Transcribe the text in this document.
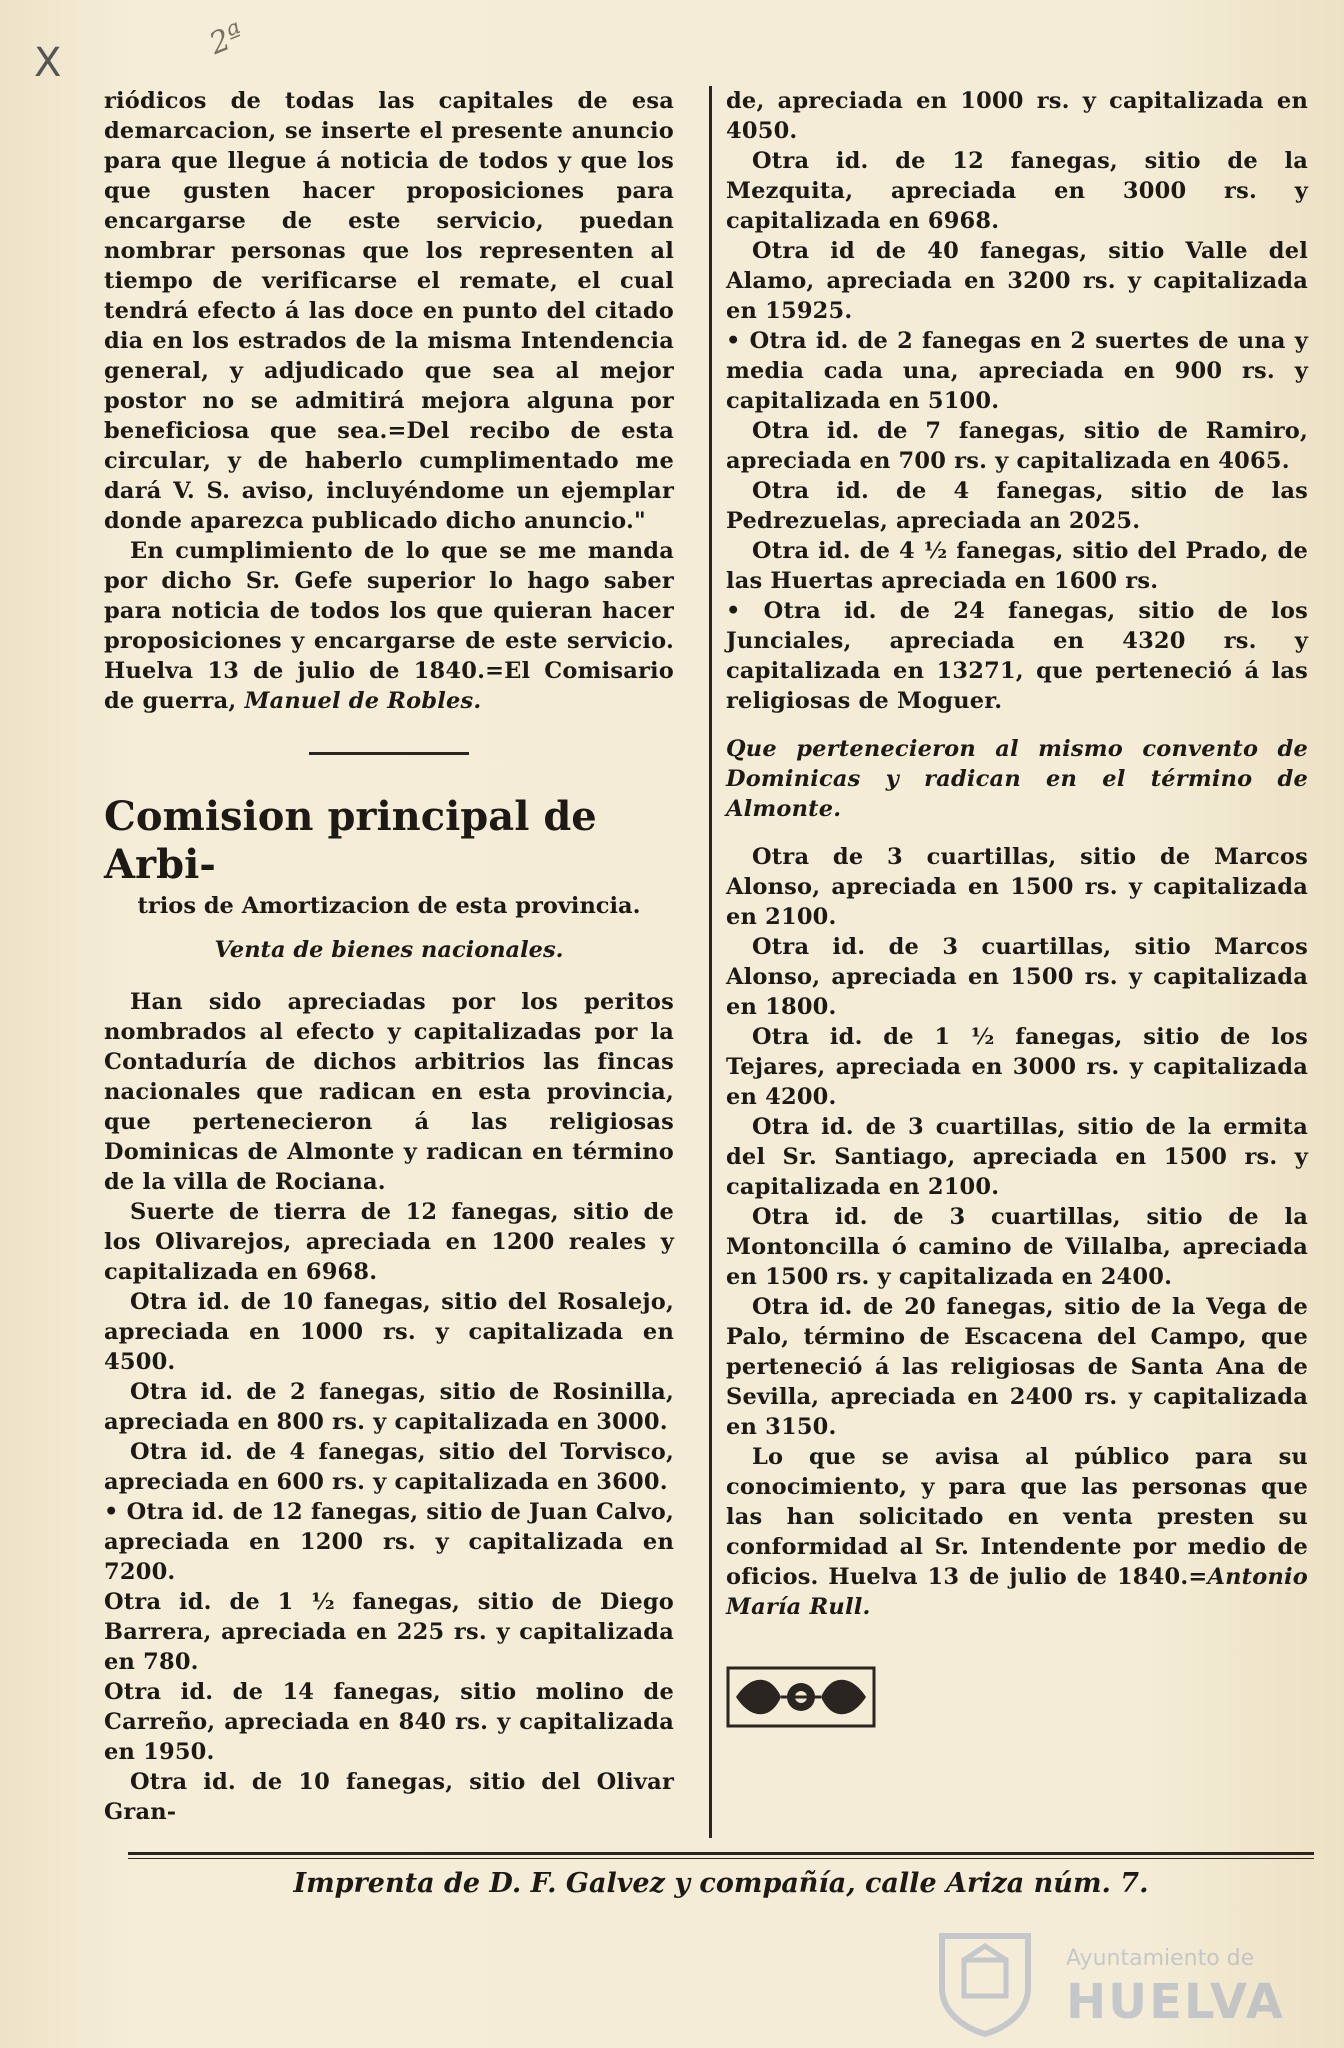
X
2ª

riódicos de todas las capitales de esa demarcacion, se inserte el presente anuncio para que llegue á noticia de todos y que los que gusten hacer proposiciones para encargarse de este servicio, puedan nombrar personas que los representen al tiempo de verificarse el remate, el cual tendrá efecto á las doce en punto del citado dia en los estrados de la misma Intendencia general, y adjudicado que sea al mejor postor no se admitirá mejora alguna por beneficiosa que sea.=Del recibo de esta circular, y de haberlo cumplimentado me dará V. S. aviso, incluyéndome un ejemplar donde aparezca publicado dicho anuncio."

En cumplimiento de lo que se me manda por dicho Sr. Gefe superior lo hago saber para noticia de todos los que quieran hacer proposiciones y encargarse de este servicio. Huelva 13 de julio de 1840.=El Comisario de guerra, Manuel de Robles.

Comision principal de Arbi-
trios de Amortizacion de esta provincia.
Venta de bienes nacionales.

Han sido apreciadas por los peritos nombrados al efecto y capitalizadas por la Contaduría de dichos arbitrios las fincas nacionales que radican en esta provincia, que pertenecieron á las religiosas Dominicas de Almonte y radican en término de la villa de Rociana.

Suerte de tierra de 12 fanegas, sitio de los Olivarejos, apreciada en 1200 reales y capitalizada en 6968.

Otra id. de 10 fanegas, sitio del Rosalejo, apreciada en 1000 rs. y capitalizada en 4500.

Otra id. de 2 fanegas, sitio de Rosinilla, apreciada en 800 rs. y capitalizada en 3000.

Otra id. de 4 fanegas, sitio del Torvisco, apreciada en 600 rs. y capitalizada en 3600.

• Otra id. de 12 fanegas, sitio de Juan Calvo, apreciada en 1200 rs. y capitalizada en 7200.

Otra id. de 1 ½ fanegas, sitio de Diego Barrera, apreciada en 225 rs. y capitalizada en 780.

Otra id. de 14 fanegas, sitio molino de Carreño, apreciada en 840 rs. y capitalizada en 1950.

Otra id. de 10 fanegas, sitio del Olivar Gran-

de, apreciada en 1000 rs. y capitalizada en 4050.

Otra id. de 12 fanegas, sitio de la Mezquita, apreciada en 3000 rs. y capitalizada en 6968.

Otra id de 40 fanegas, sitio Valle del Alamo, apreciada en 3200 rs. y capitalizada en 15925.

• Otra id. de 2 fanegas en 2 suertes de una y media cada una, apreciada en 900 rs. y capitalizada en 5100.

Otra id. de 7 fanegas, sitio de Ramiro, apreciada en 700 rs. y capitalizada en 4065.

Otra id. de 4 fanegas, sitio de las Pedrezuelas, apreciada an 2025.

Otra id. de 4 ½ fanegas, sitio del Prado, de las Huertas apreciada en 1600 rs.

• Otra id. de 24 fanegas, sitio de los Junciales, apreciada en 4320 rs. y capitalizada en 13271, que perteneció á las religiosas de Moguer.

Que pertenecieron al mismo convento de Dominicas y radican en el término de Almonte.

Otra de 3 cuartillas, sitio de Marcos Alonso, apreciada en 1500 rs. y capitalizada en 2100.

Otra id. de 3 cuartillas, sitio Marcos Alonso, apreciada en 1500 rs. y capitalizada en 1800.

Otra id. de 1 ½ fanegas, sitio de los Tejares, apreciada en 3000 rs. y capitalizada en 4200.

Otra id. de 3 cuartillas, sitio de la ermita del Sr. Santiago, apreciada en 1500 rs. y capitalizada en 2100.

Otra id. de 3 cuartillas, sitio de la Montoncilla ó camino de Villalba, apreciada en 1500 rs. y capitalizada en 2400.

Otra id. de 20 fanegas, sitio de la Vega de Palo, término de Escacena del Campo, que perteneció á las religiosas de Santa Ana de Sevilla, apreciada en 2400 rs. y capitalizada en 3150.

Lo que se avisa al público para su conocimiento, y para que las personas que las han solicitado en venta presten su conformidad al Sr. Intendente por medio de oficios. Huelva 13 de julio de 1840.=Antonio María Rull.

Imprenta de D. F. Galvez y compañía, calle Ariza núm. 7.
Ayuntamiento de
HUELVA
